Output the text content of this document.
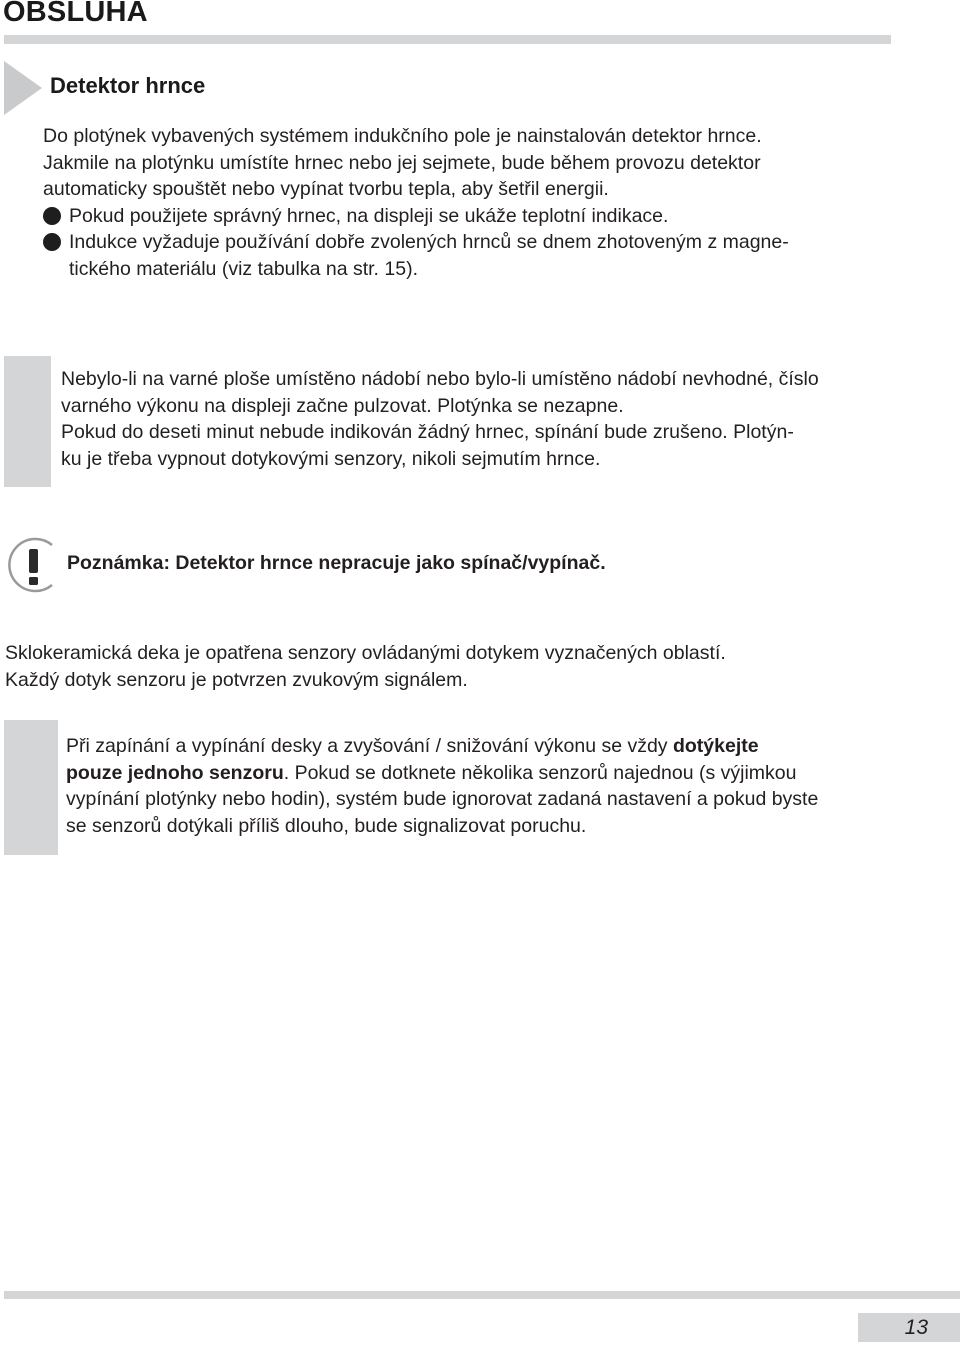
OBSLUHA
Detektor hrnce

Do plotýnek vybavených systémem indukčního pole je nainstalován detektor hrnce.

Jakmile na plotýnku umístíte hrnec nebo jej sejmete, bude během provozu detektor

automaticky spouštět nebo vypínat tvorbu tepla, aby šetřil energii.

Pokud použijete správný hrnec, na displeji se ukáže teplotní indikace.

Indukce vyžaduje používání dobře zvolených hrnců se dnem zhotoveným z magne-

tického materiálu (viz tabulka na str. 15).

Nebylo-li na varné ploše umístěno nádobí nebo bylo-li umístěno nádobí nevhodné, číslo

varného výkonu na displeji začne pulzovat. Plotýnka se nezapne.

Pokud do deseti minut nebude indikován žádný hrnec, spínání bude zrušeno. Plotýn-

ku je třeba vypnout dotykovými senzory, nikoli sejmutím hrnce.

Poznámka: Detektor hrnce nepracuje jako spínač/vypínač.

Sklokeramická deka je opatřena senzory ovládanými dotykem vyznačených oblastí.

Každý dotyk senzoru je potvrzen zvukovým signálem.

Při zapínání a vypínání desky a zvyšování / snižování výkonu se vždy dotýkejte

pouze jednoho senzoru. Pokud se dotknete několika senzorů najednou (s výjimkou

vypínání plotýnky nebo hodin), systém bude ignorovat zadaná nastavení a pokud byste

se senzorů dotýkali příliš dlouho, bude signalizovat poruchu.

13
